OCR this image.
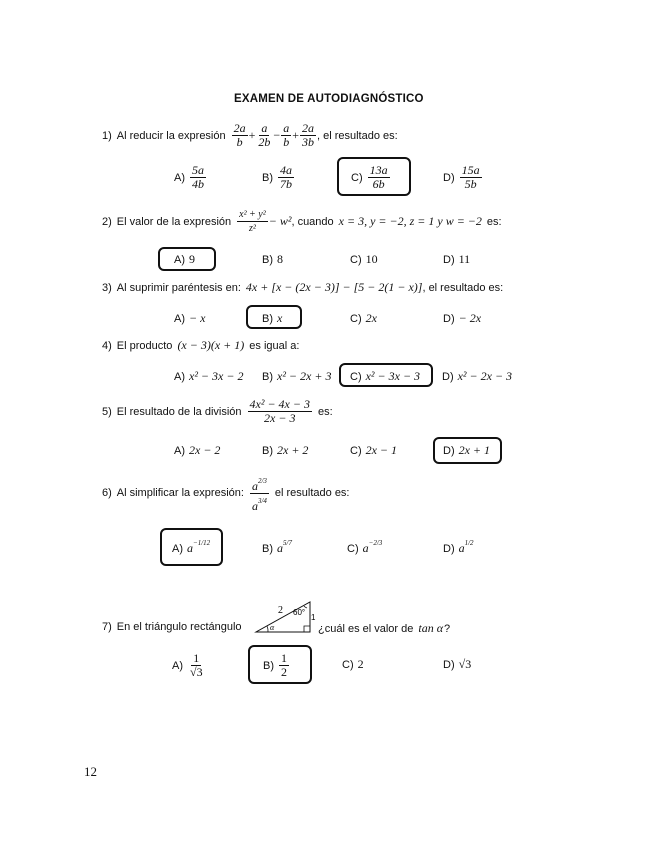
EXAMEN DE AUTODIAGNÓSTICO
1) Al reducir la expresión $\frac{2a}{b} + \frac{a}{2b} - \frac{a}{b} + \frac{2a}{3b}$ , el resultado es:
$A) \frac{5a}{4b}$	$B) \frac{4a}{7b}$	$C) \frac{13a}{6b}$	$D) \frac{15a}{5b}$
2) El valor de la expresión $\frac{\text{x² + y²}}{\text{z²}} - w^2$ , cuando x = 3, y = −2, z = 1 y w = −2 es:
A) 9	B) 8	C) 10	D) 11
3) Al suprimir paréntesis en: 4x + [x − (2x − 3)] − [5 − 2(1 − x)] , el resultado es:
A) − x	B) x	C) 2x	D) − 2x
4) El producto (x − 3)(x + 1) es igual a:
A) x² − 3x − 2 B) x² − 2x + 3 C) x² − 3x − 3 D) x² − 2x − 3
5) El resultado de la división $\frac{\text{4x² − 4x − 3}}{2x - 3}$ es:
A) 2x − 2	B) 2x + 2	C) 2x − 1	D) 2x + 1
6) Al simplificar la expresión: $\frac{a^{2/3}}{a^{3/4}}$ el resultado es:
A) $a^{-1/12}$	B) $a^{5/7}$	C) $a^{-2/3}$	D) $a^{1/2}$
7) En el triángulo rectángulo
2 60°
1
α	¿cuál es el valor de tan α ?
$A) \frac{1}{√3}$	$B) \frac{1}{2}$	C) 2	D) √3
12
